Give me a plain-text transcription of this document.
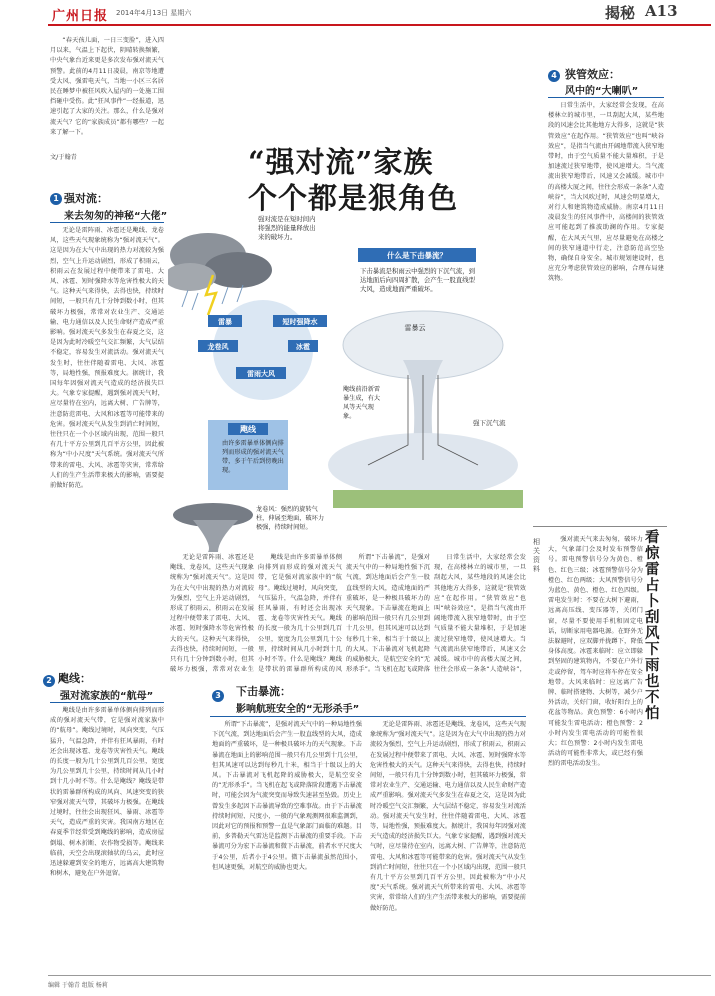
广州日报 2014年4月13日 星期六	揭秘 A13

“春天孩儿面，一日三变脸”，进入四月以来，气温上下起伏，阴晴转换频繁，中央气象台近来更是多次发布强对流天气预警。此前的4月11日凌晨，南京等地遭受大风、强雷电天气，当地一小区三名居民在睡梦中被狂风吹入屋内的一处施工围挡砸中受伤。此“狂风事件”一经报道，迅速引起了大家的关注。那么，什么是强对流天气？它的“家族成员”都有哪些？一起来了解一下。

文/于翰青
1 强对流：
来去匆匆的神秘“大佬”

无论是雷阵雨、冰雹还是飑线、龙卷风，这些天气现象统称为“强对流天气”。这是因为在大气中出现的热力对流较为强烈，空气上升运动剧烈，形成了积雨云，积雨云在发展过程中便带来了雷电、大风、冰雹、短时强降水等危害性极大的天气。这种天气来得快，去得也快，持续时间短，一般只有几十分钟到数小时，但其破坏力极强，常常对农业生产、交通运输、电力通信以及人民生命财产造成严重影响。强对流天气多发生在春夏之交，这是因为此时冷暖空气交汇频繁，大气层结不稳定，容易发生对流活动。强对流天气发生时，往往伴随着雷电、大风、冰雹等，局地性强，预报难度大。据统计，我国每年因强对流天气造成的经济损失巨大。气象专家提醒，遇到强对流天气时，应尽量待在室内，远离大树、广告牌等，注意防范雷电、大风和冰雹等可能带来的危害。强对流天气从发生到消亡时间短，往往只在一个小区域内出现，范围一般只有几十平方公里到几百平方公里，因此被称为“中小尺度”天气系统。强对流天气所带来的雷电、大风、冰雹等灾害，常常给人们的生产生活带来极大的影响，需要提前做好防范。

2 飑线：
强对流家族的“航母”

飑线是由许多雷暴单体侧向排列而形成的强对流天气带，它是强对流家族中的“航母”。飑线过境时，风向突变，气压猛升，气温急降，并伴有狂风暴雨，有时还会出现冰雹、龙卷等灾害性天气。飑线的长度一般为几十公里到几百公里，宽度为几公里到几十公里，持续时间从几小时到十几小时不等。什么是飑线？飑线是带状的雷暴群所构成的风向、风速突变的狭窄强对流天气带，其破坏力极强。在飑线过境时，往往会出现狂风、暴雨、冰雹等天气，造成严重的灾害。我国南方地区在春夏季节经常受到飑线的影响，造成房屋倒塌、树木折断、农作物受损等。飑线来临前，天空会出现滚轴状的乌云，此时应迅速躲避到安全的地方，远离高大建筑物和树木，避免在户外逗留。

“强对流”家族
个个都是狠角色
雷暴	短时强降水
龙卷风	冰雹
雷雨大风
飑线
什么是下击暴流？
雷暴云
强下沉气流
强对流是在短时间内将强烈的能量释放出来的破坏力。
下击暴流是积雨云中强烈的下沉气流，到达地面后向四周扩散，会产生一股直线型大风，造成地面严重破坏。
由许多雷暴单体侧向排列而形成的强对流天气带，多于午后到傍晚出现。
龙卷风：强烈的旋转气柱，伸展至地面，破坏力极强，持续时间短。
飑线前沿新雷暴生成，有大风等天气现象。

无论是雷阵雨、冰雹还是飑线、龙卷风，这些天气现象统称为“强对流天气”。这是因为在大气中出现的热力对流较为强烈，空气上升运动剧烈，形成了积雨云，积雨云在发展过程中便带来了雷电、大风、冰雹、短时强降水等危害性极大的天气。这种天气来得快，去得也快，持续时间短，一般只有几十分钟到数小时，但其破坏力极强，常常对农业生

飑线是由许多雷暴单体侧向排列而形成的强对流天气带，它是强对流家族中的“航母”。飑线过境时，风向突变，气压猛升，气温急降，并伴有狂风暴雨，有时还会出现冰雹、龙卷等灾害性天气。飑线的长度一般为几十公里到几百公里，宽度为几公里到几十公里，持续时间从几小时到十几小时不等。什么是飑线？飑线是带状的雷暴群所构成的风

所谓“下击暴流”，是强对流天气中的一种局地性强下沉气流，到达地面后会产生一股直线型的大风，造成地面的严重破坏，是一种极具破坏力的天气现象。下击暴流在地面上的影响范围一般只有几公里到十几公里，但其风速可以达到每秒几十米，相当于十级以上的大风。下击暴流对飞机起降的威胁极大，是航空安全的“无形杀手”。当飞机在起飞或降落

日常生活中，大家经常会发现，在高楼林立的城市里，一旦刮起大风，某些地段的风速会比其他地方大得多，这就是“狭管效应”在起作用。“狭管效应”也叫“峡谷效应”，是指当气流由开阔地带流入狭窄地带时，由于空气质量不能大量堆积，于是加速流过狭窄地带，使风速增大。当气流流出狭窄地带后，风速又会减缓。城市中的高楼大厦之间，往往会形成一条条“人造峡谷”，

3 下击暴流：
影响航班安全的“无形杀手”

所谓“下击暴流”，是强对流天气中的一种局地性强下沉气流，到达地面后会产生一股直线型的大风，造成地面的严重破坏，是一种极具破坏力的天气现象。下击暴流在地面上的影响范围一般只有几公里到十几公里，但其风速可以达到每秒几十米，相当于十级以上的大风。下击暴流对飞机起降的威胁极大，是航空安全的“无形杀手”。当飞机在起飞或降落阶段遭遇下击暴流时，可能会因为气流突变而导致失速甚至坠毁。历史上曾发生多起因下击暴流导致的空难事故。由于下击暴流持续时间短、尺度小，一般的气象观测网很难监测到，因此对它的预报和预警一直是气象部门面临的难题。目前，多普勒天气雷达是监测下击暴流的重要手段。下击暴流可分为宏下击暴流和微下击暴流，前者水平尺度大于4公里，后者小于4公里。微下击暴流虽然范围小，但风速更强，对航空的威胁也更大。

无论是雷阵雨、冰雹还是飑线、龙卷风，这些天气现象统称为“强对流天气”。这是因为在大气中出现的热力对流较为强烈，空气上升运动剧烈，形成了积雨云，积雨云在发展过程中便带来了雷电、大风、冰雹、短时强降水等危害性极大的天气。这种天气来得快，去得也快，持续时间短，一般只有几十分钟到数小时，但其破坏力极强，常常对农业生产、交通运输、电力通信以及人民生命财产造成严重影响。强对流天气多发生在春夏之交，这是因为此时冷暖空气交汇频繁，大气层结不稳定，容易发生对流活动。强对流天气发生时，往往伴随着雷电、大风、冰雹等，局地性强，预报难度大。据统计，我国每年因强对流天气造成的经济损失巨大。气象专家提醒，遇到强对流天气时，应尽量待在室内，远离大树、广告牌等，注意防范雷电、大风和冰雹等可能带来的危害。强对流天气从发生到消亡时间短，往往只在一个小区域内出现，范围一般只有几十平方公里到几百平方公里，因此被称为“中小尺度”天气系统。强对流天气所带来的雷电、大风、冰雹等灾害，常常给人们的生产生活带来极大的影响，需要提前做好防范。

4 狭管效应：
风中的“大喇叭”

日常生活中，大家经常会发现，在高楼林立的城市里，一旦刮起大风，某些地段的风速会比其他地方大得多，这就是“狭管效应”在起作用。“狭管效应”也叫“峡谷效应”，是指当气流由开阔地带流入狭窄地带时，由于空气质量不能大量堆积，于是加速流过狭窄地带，使风速增大。当气流流出狭窄地带后，风速又会减缓。城市中的高楼大厦之间，往往会形成一条条“人造峡谷”，当大风吹过时，风速会明显增大，对行人和建筑物造成威胁。南京4月11日凌晨发生的狂风事件中，高楼间的狭管效应可能起到了推波助澜的作用。专家提醒，在大风天气里，应尽量避免在高楼之间的狭窄通道中行走，注意防范高空坠物，确保自身安全。城市规划建设时，也应充分考虑狭管效应的影响，合理布局建筑物。

相关资料

强对流天气来去匆匆，破坏力大，气象部门会及时发布预警信号。雷电预警信号分为黄色、橙色、红色三级；冰雹预警信号分为橙色、红色两级；大风预警信号分为蓝色、黄色、橙色、红色四级。雷电发生时：不要在大树下避雨，远离高压线、变压器等，关闭门窗，尽量不要使用手机和固定电话，切断家用电器电源。在野外无法躲避时，应双脚并拢蹲下，降低身体高度。冰雹来临时：应立即躲到坚固的建筑物内，不要在户外行走或停留，驾车时应将车停在安全地带。大风来临时：应远离广告牌、临时搭建物、大树等，减少户外活动，关好门窗，收好阳台上的花盆等物品。黄色预警：6小时内可能发生雷电活动；橙色预警：2小时内发生雷电活动的可能性很大；红色预警：2小时内发生雷电活动的可能性非常大，或已经有强烈的雷电活动发生。

看惊雷占卜 刮风下雨也不怕
编辑 于翰青 组版 杨莉
